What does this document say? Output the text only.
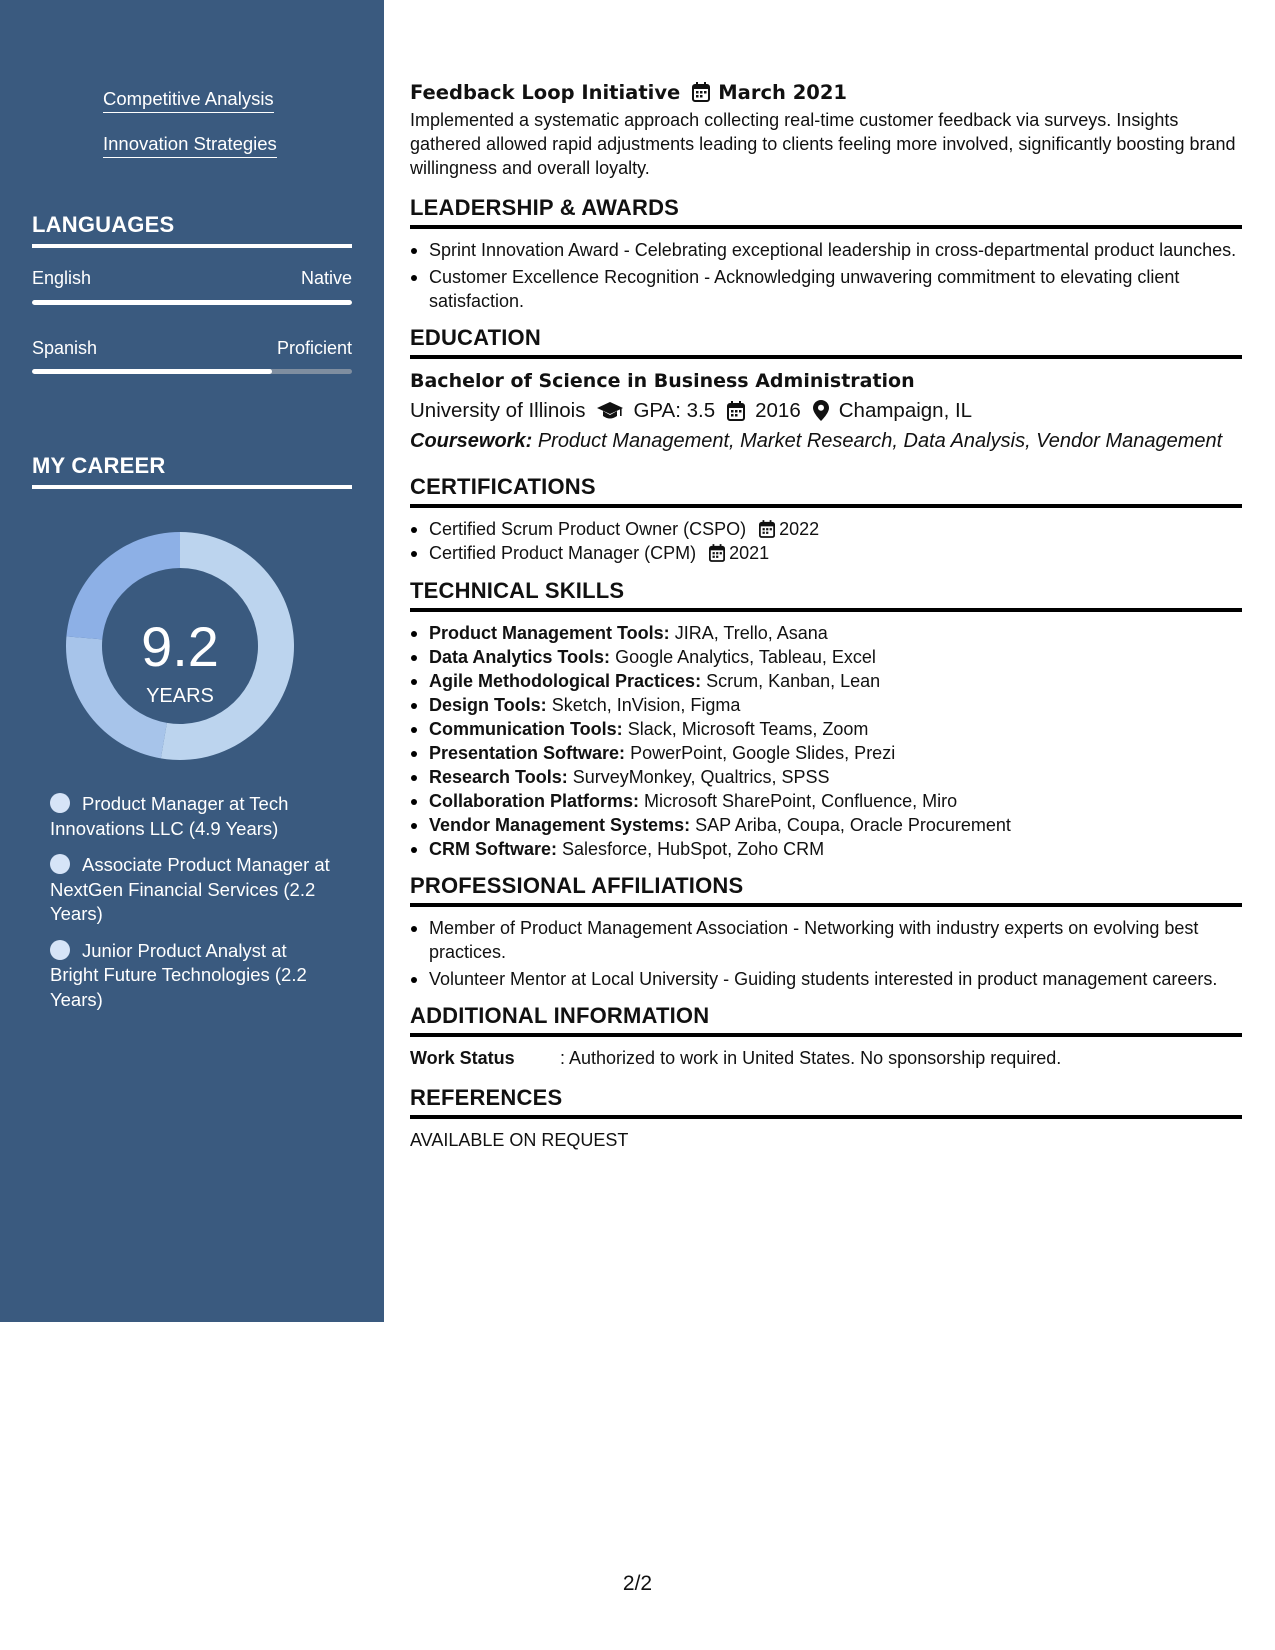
Competitive Analysis
Innovation Strategies
LANGUAGES
English	Native
Spanish	Proficient
MY CAREER
9.2
YEARS
Product Manager at Tech Innovations LLC (4.9 Years)
Associate Product Manager at NextGen Financial Services (2.2 Years)
Junior Product Analyst at Bright Future Technologies (2.2 Years)
Feedback Loop Initiative March 2021

Implemented a systematic approach collecting real-time customer feedback via surveys. Insights gathered allowed rapid adjustments leading to clients feeling more involved, significantly boosting brand willingness and overall loyalty.

LEADERSHIP & AWARDS
Sprint Innovation Award - Celebrating exceptional leadership in cross-departmental product launches.
Customer Excellence Recognition - Acknowledging unwavering commitment to elevating client satisfaction.
EDUCATION
Bachelor of Science in Business Administration
University of Illinois GPA: 3.5 2016 Champaign, IL
Coursework: Product Management, Market Research, Data Analysis, Vendor Management
CERTIFICATIONS
Certified Scrum Product Owner (CSPO) 2022
Certified Product Manager (CPM) 2021
TECHNICAL SKILLS
Product Management Tools: JIRA, Trello, Asana
Data Analytics Tools: Google Analytics, Tableau, Excel
Agile Methodological Practices: Scrum, Kanban, Lean
Design Tools: Sketch, InVision, Figma
Communication Tools: Slack, Microsoft Teams, Zoom
Presentation Software: PowerPoint, Google Slides, Prezi
Research Tools: SurveyMonkey, Qualtrics, SPSS
Collaboration Platforms: Microsoft SharePoint, Confluence, Miro
Vendor Management Systems: SAP Ariba, Coupa, Oracle Procurement
CRM Software: Salesforce, HubSpot, Zoho CRM
PROFESSIONAL AFFILIATIONS
Member of Product Management Association - Networking with industry experts on evolving best practices.
Volunteer Mentor at Local University - Guiding students interested in product management careers.
ADDITIONAL INFORMATION
Work Status	: Authorized to work in United States. No sponsorship required.
REFERENCES
AVAILABLE ON REQUEST
2/2
